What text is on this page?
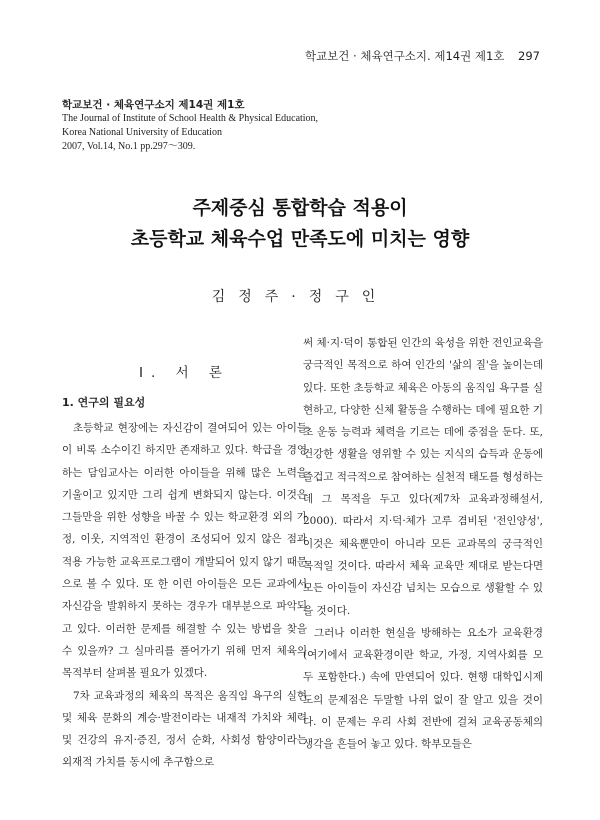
학교보건 · 체육연구소지. 제14권 제1호 297
학교보건 · 체육연구소지 제14권 제1호
The Journal of Institute of School Health & Physical Education,
Korea National University of Education
2007, Vol.14, No.1 pp.297～309.
주제중심 통합학습 적용이
초등학교 체육수업 만족도에 미치는 영향
김정주·정구인
Ⅰ. 서 론
1. 연구의 필요성

초등학교 현장에는 자신감이 결여되어 있는 아이들이 비록 소수이긴 하지만 존재하고 있다. 학급을 경영하는 담임교사는 이러한 아이들을 위해 많은 노력을 기울이고 있지만 그리 쉽게 변화되지 않는다. 이것은 그들만을 위한 성향을 바꿀 수 있는 학교환경 외의 가정, 이웃, 지역적인 환경이 조성되어 있지 않은 점과 적용 가능한 교육프로그램이 개발되어 있지 않기 때문으로 볼 수 있다. 또 한 이런 아이들은 모든 교과에서 자신감을 발휘하지 못하는 경우가 대부분으로 파악되고 있다. 이러한 문제를 해결할 수 있는 방법을 찾을 수 있을까? 그 실마리를 풀어가기 위해 먼저 체육의 목적부터 살펴볼 필요가 있겠다.

7차 교육과정의 체육의 목적은 움직임 욕구의 실현 및 체육 문화의 계승·발전이라는 내재적 가치와 체력 및 건강의 유지·증진, 정서 순화, 사회성 함양이라는 외재적 가치를 동시에 추구함으로

써 체·지·덕이 통합된 인간의 육성을 위한 전인교육을 궁극적인 목적으로 하여 인간의 '삶의 질'을 높이는데 있다. 또한 초등학교 체육은 아동의 움직임 욕구를 실현하고, 다양한 신체 활동을 수행하는 데에 필요한 기초 운동 능력과 체력을 기르는 데에 중점을 둔다. 또, 건강한 생활을 영위할 수 있는 지식의 습득과 운동에 즐겁고 적극적으로 참여하는 실천적 태도를 형성하는데 그 목적을 두고 있다(제7차 교육과정해설서, 2000). 따라서 지·덕·체가 고루 겸비된 '전인양성', 이것은 체육뿐만이 아니라 모든 교과목의 궁극적인 목적일 것이다. 따라서 체육 교육만 제대로 받는다면 모든 아이들이 자신감 넘치는 모습으로 생활할 수 있을 것이다.

그러나 이러한 현실을 방해하는 요소가 교육환경(여기에서 교육환경이란 학교, 가정, 지역사회를 모두 포함한다.) 속에 만연되어 있다. 현행 대학입시제도의 문제점은 두말할 나위 없이 잘 알고 있을 것이다. 이 문제는 우리 사회 전반에 걸쳐 교육공동체의 생각을 흔들어 놓고 있다. 학부모들은
